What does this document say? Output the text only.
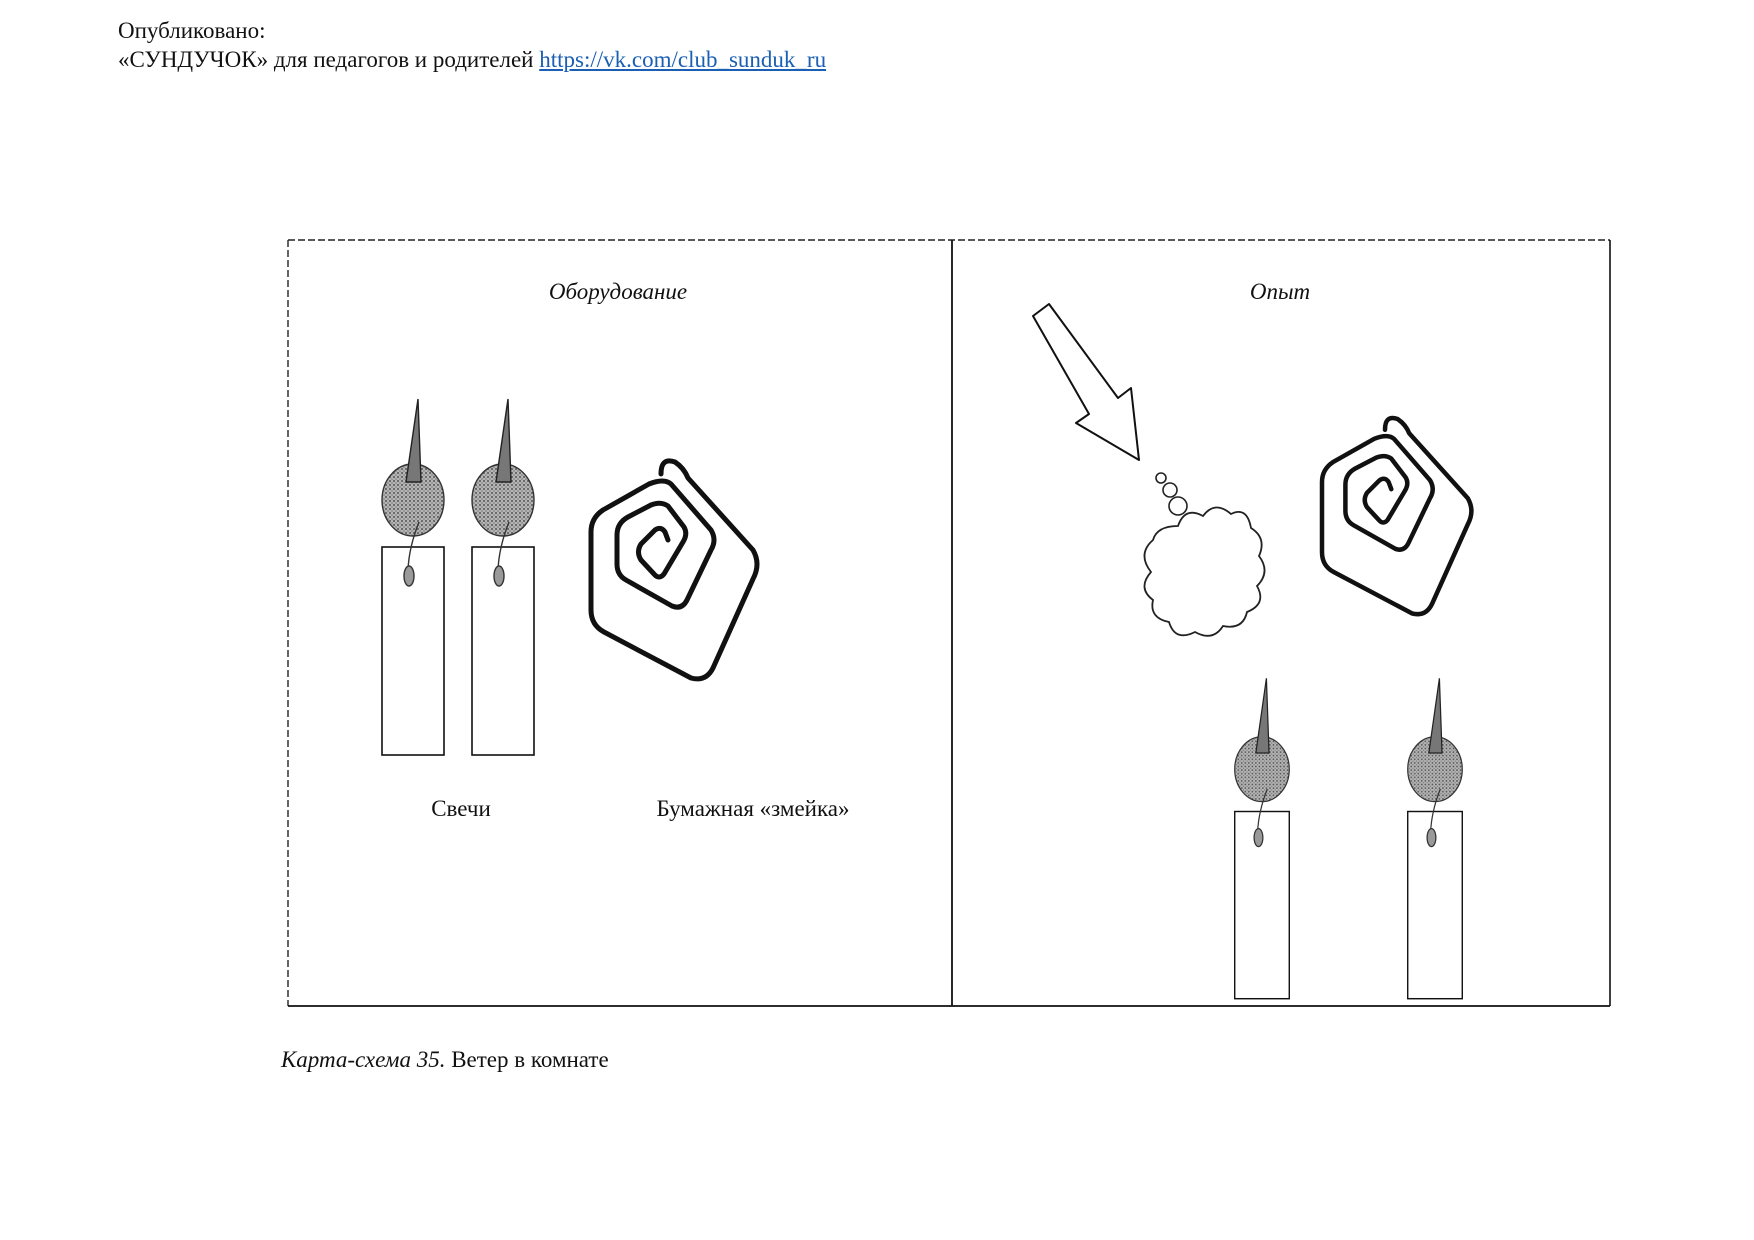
Опубликовано:
«СУНДУЧОК» для педагогов и родителей https://vk.com/club_sunduk_ru
Оборудование
Свечи	Бумажная «змейка»
Опыт
Карта-схема 35. Ветер в комнате
